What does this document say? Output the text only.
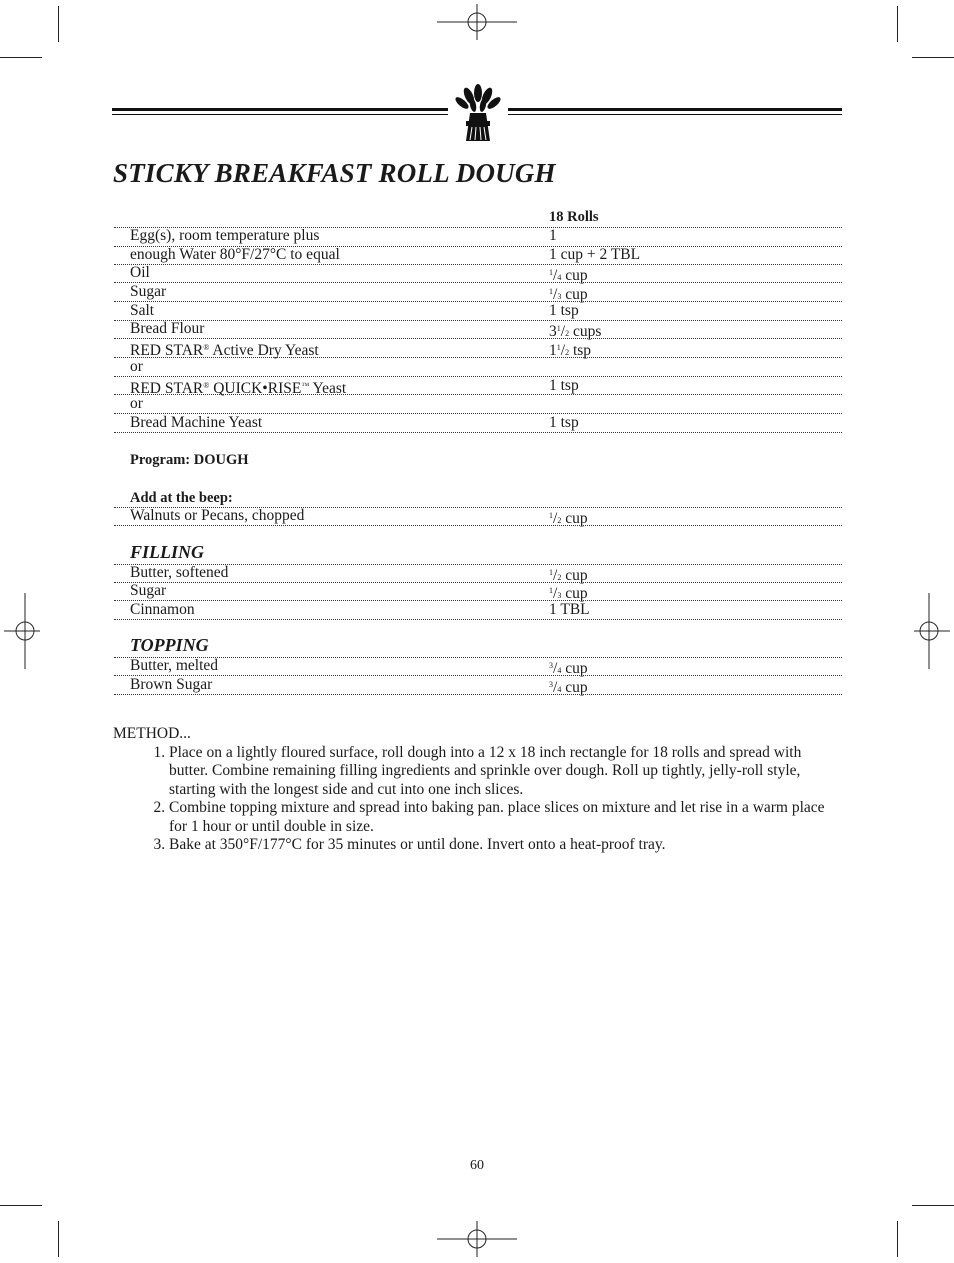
STICKY BREAKFAST ROLL DOUGH
18 Rolls
Egg(s), room temperature plus	1
enough Water 80°F/27°C to equal	1 cup + 2 TBL
Oil	$^1$/4 cup
Sugar	$^1$/3 cup
Salt	1 tsp
Bread Flour	$3^1/2$ cups
RED STAR® Active Dry Yeast	$1^1/2$ tsp
or
RED STAR® QUICK•RISE™ Yeast	1 tsp
or
Bread Machine Yeast	1 tsp
Program: DOUGH
Add at the beep:
Walnuts or Pecans, chopped	$^1$/2 cup
FILLING
Butter, softened	$^1$/2 cup
Sugar	$^1$/3 cup
Cinnamon	1 TBL
TOPPING
Butter, melted	$^3$/4 cup
Brown Sugar	$^3$/4 cup
METHOD...
1. Place on a lightly floured surface, roll dough into a 12 x 18 inch rectangle for 18 rolls and spread with butter. Combine remaining filling ingredients and sprinkle over dough. Roll up tightly, jelly-roll style, starting with the longest side and cut into one inch slices.
2. Combine topping mixture and spread into baking pan. place slices on mixture and let rise in a warm place for 1 hour or until double in size.
3. Bake at 350°F/177°C for 35 minutes or until done. Invert onto a heat-proof tray.
60
